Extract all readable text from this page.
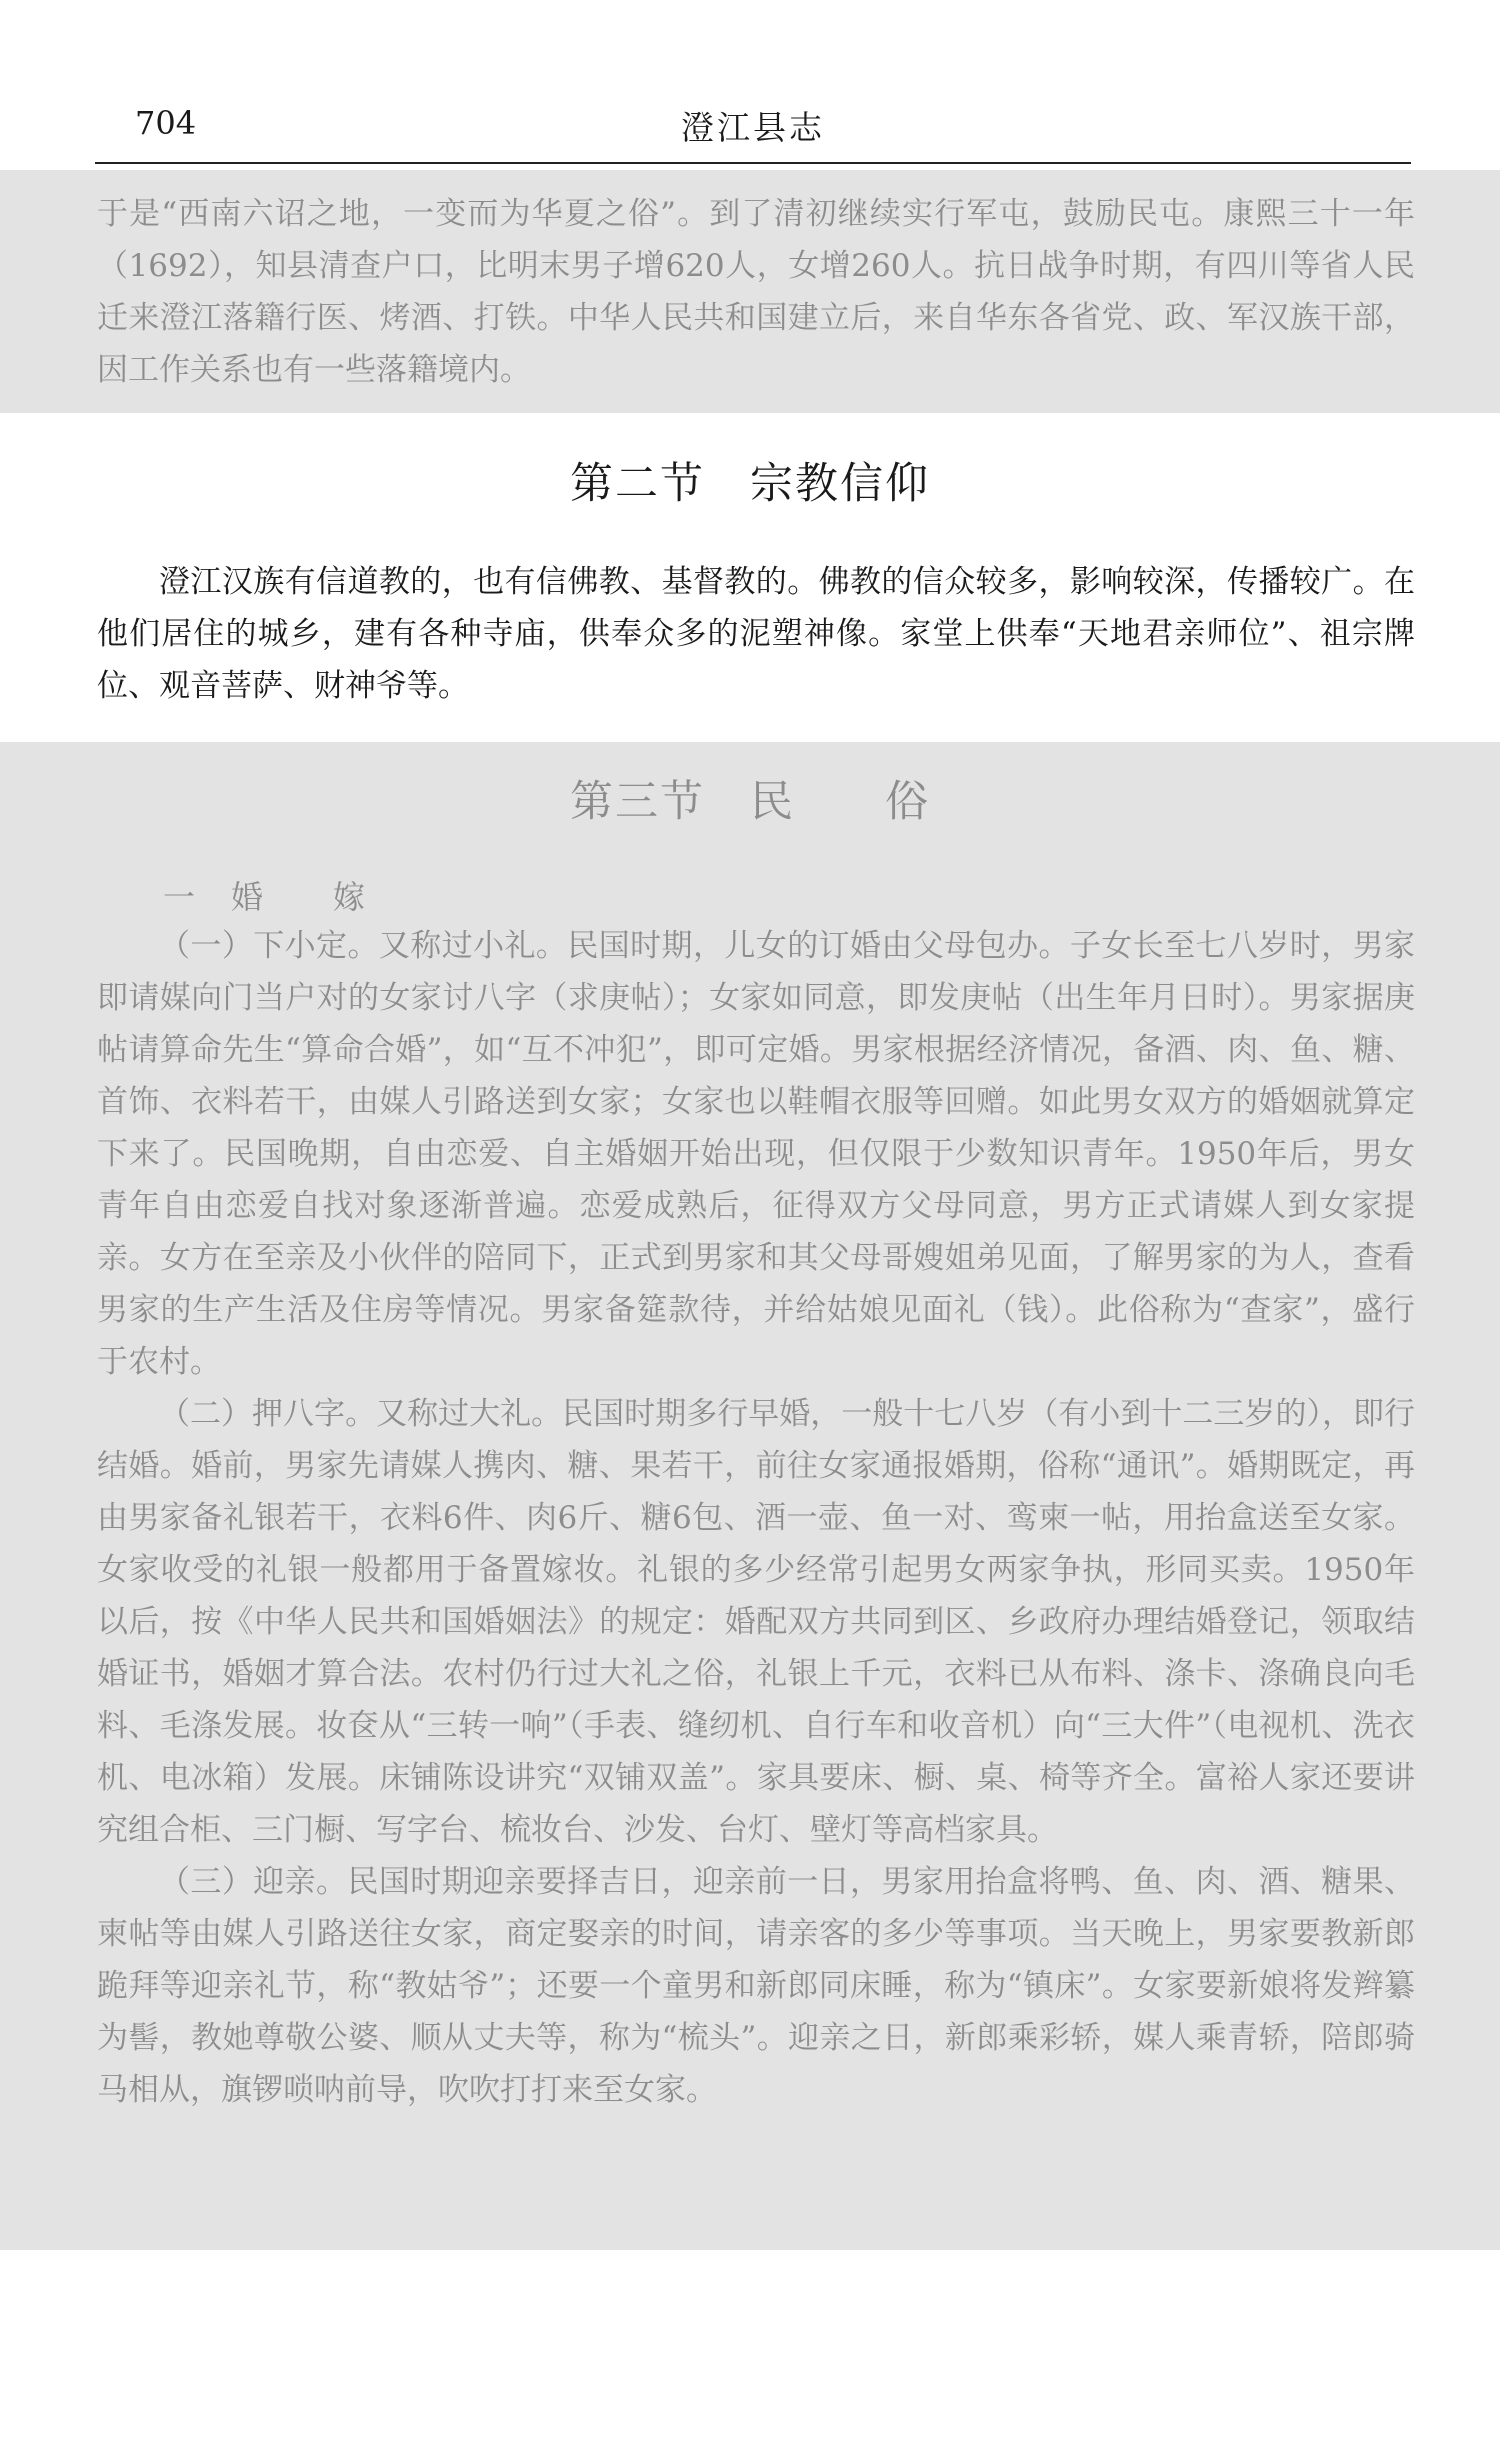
704	澄江县志

于是“西南六诏之地，一变而为华夏之俗”。到了清初继续实行军屯，鼓励民屯。康熙三十一年（1692），知县清查户口，比明末男子增620人，女增260人。抗日战争时期，有四川等省人民迁来澄江落籍行医、烤酒、打铁。中华人民共和国建立后，来自华东各省党、政、军汉族干部，因工作关系也有一些落籍境内。

第二节　宗教信仰

澄江汉族有信道教的，也有信佛教、基督教的。佛教的信众较多，影响较深，传播较广。在他们居住的城乡，建有各种寺庙，供奉众多的泥塑神像。家堂上供奉“天地君亲师位”、祖宗牌位、观音菩萨、财神爷等。

第三节　民　　俗
一　婚　　嫁

（一）下小定。又称过小礼。民国时期，儿女的订婚由父母包办。子女长至七八岁时，男家即请媒向门当户对的女家讨八字（求庚帖）；女家如同意，即发庚帖（出生年月日时）。男家据庚帖请算命先生“算命合婚”，如“互不冲犯”，即可定婚。男家根据经济情况，备酒、肉、鱼、糖、首饰、衣料若干，由媒人引路送到女家；女家也以鞋帽衣服等回赠。如此男女双方的婚姻就算定下来了。民国晚期，自由恋爱、自主婚姻开始出现，但仅限于少数知识青年。1950年后，男女青年自由恋爱自找对象逐渐普遍。恋爱成熟后，征得双方父母同意，男方正式请媒人到女家提亲。女方在至亲及小伙伴的陪同下，正式到男家和其父母哥嫂姐弟见面，了解男家的为人，查看男家的生产生活及住房等情况。男家备筵款待，并给姑娘见面礼（钱）。此俗称为“查家”，盛行于农村。

（二）押八字。又称过大礼。民国时期多行早婚，一般十七八岁（有小到十二三岁的），即行结婚。婚前，男家先请媒人携肉、糖、果若干，前往女家通报婚期，俗称“通讯”。婚期既定，再由男家备礼银若干，衣料6件、肉6斤、糖6包、酒一壶、鱼一对、鸾柬一帖，用抬盒送至女家。女家收受的礼银一般都用于备置嫁妆。礼银的多少经常引起男女两家争执，形同买卖。1950年以后，按《中华人民共和国婚姻法》的规定：婚配双方共同到区、乡政府办理结婚登记，领取结婚证书，婚姻才算合法。农村仍行过大礼之俗，礼银上千元，衣料已从布料、涤卡、涤确良向毛料、毛涤发展。妆奁从“三转一响”（手表、缝纫机、自行车和收音机）向“三大件”（电视机、洗衣机、电冰箱）发展。床铺陈设讲究“双铺双盖”。家具要床、橱、桌、椅等齐全。富裕人家还要讲究组合柜、三门橱、写字台、梳妆台、沙发、台灯、壁灯等高档家具。

（三）迎亲。民国时期迎亲要择吉日，迎亲前一日，男家用抬盒将鸭、鱼、肉、酒、糖果、柬帖等由媒人引路送往女家，商定娶亲的时间，请亲客的多少等事项。当天晚上，男家要教新郎跪拜等迎亲礼节，称“教姑爷”；还要一个童男和新郎同床睡，称为“镇床”。女家要新娘将发辫纂为髻，教她尊敬公婆、顺从丈夫等，称为“梳头”。迎亲之日，新郎乘彩轿，媒人乘青轿，陪郎骑马相从，旗锣唢呐前导，吹吹打打来至女家。
